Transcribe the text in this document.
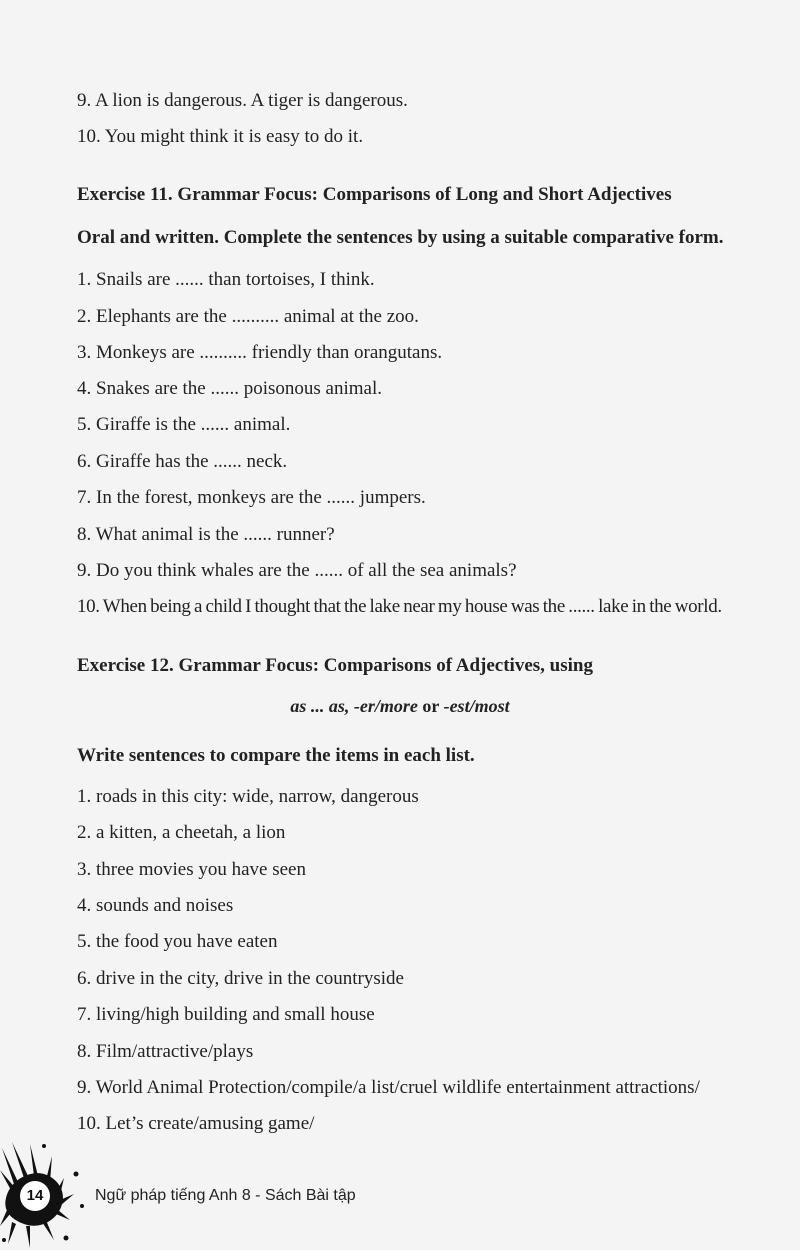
9. A lion is dangerous. A tiger is dangerous.
10. You might think it is easy to do it.
Exercise 11. Grammar Focus: Comparisons of Long and Short Adjectives
Oral and written. Complete the sentences by using a suitable comparative form.
1. Snails are ...... than tortoises, I think.
2. Elephants are the .......... animal at the zoo.
3. Monkeys are .......... friendly than orangutans.
4. Snakes are the ...... poisonous animal.
5. Giraffe is the ...... animal.
6. Giraffe has the ...... neck.
7. In the forest, monkeys are the ...... jumpers.
8. What animal is the ...... runner?
9. Do you think whales are the ...... of all the sea animals?
10. When being a child I thought that the lake near my house was the ...... lake in the world.
Exercise 12. Grammar Focus: Comparisons of Adjectives, using
as ... as, -er/more or -est/most
Write sentences to compare the items in each list.
1. roads in this city: wide, narrow, dangerous
2. a kitten, a cheetah, a lion
3. three movies you have seen
4. sounds and noises
5. the food you have eaten
6. drive in the city, drive in the countryside
7. living/high building and small house
8. Film/attractive/plays
9. World Animal Protection/compile/a list/cruel wildlife entertainment attractions/
10. Let’s create/amusing game/
14	Ngữ pháp tiếng Anh 8 - Sách Bài tập
